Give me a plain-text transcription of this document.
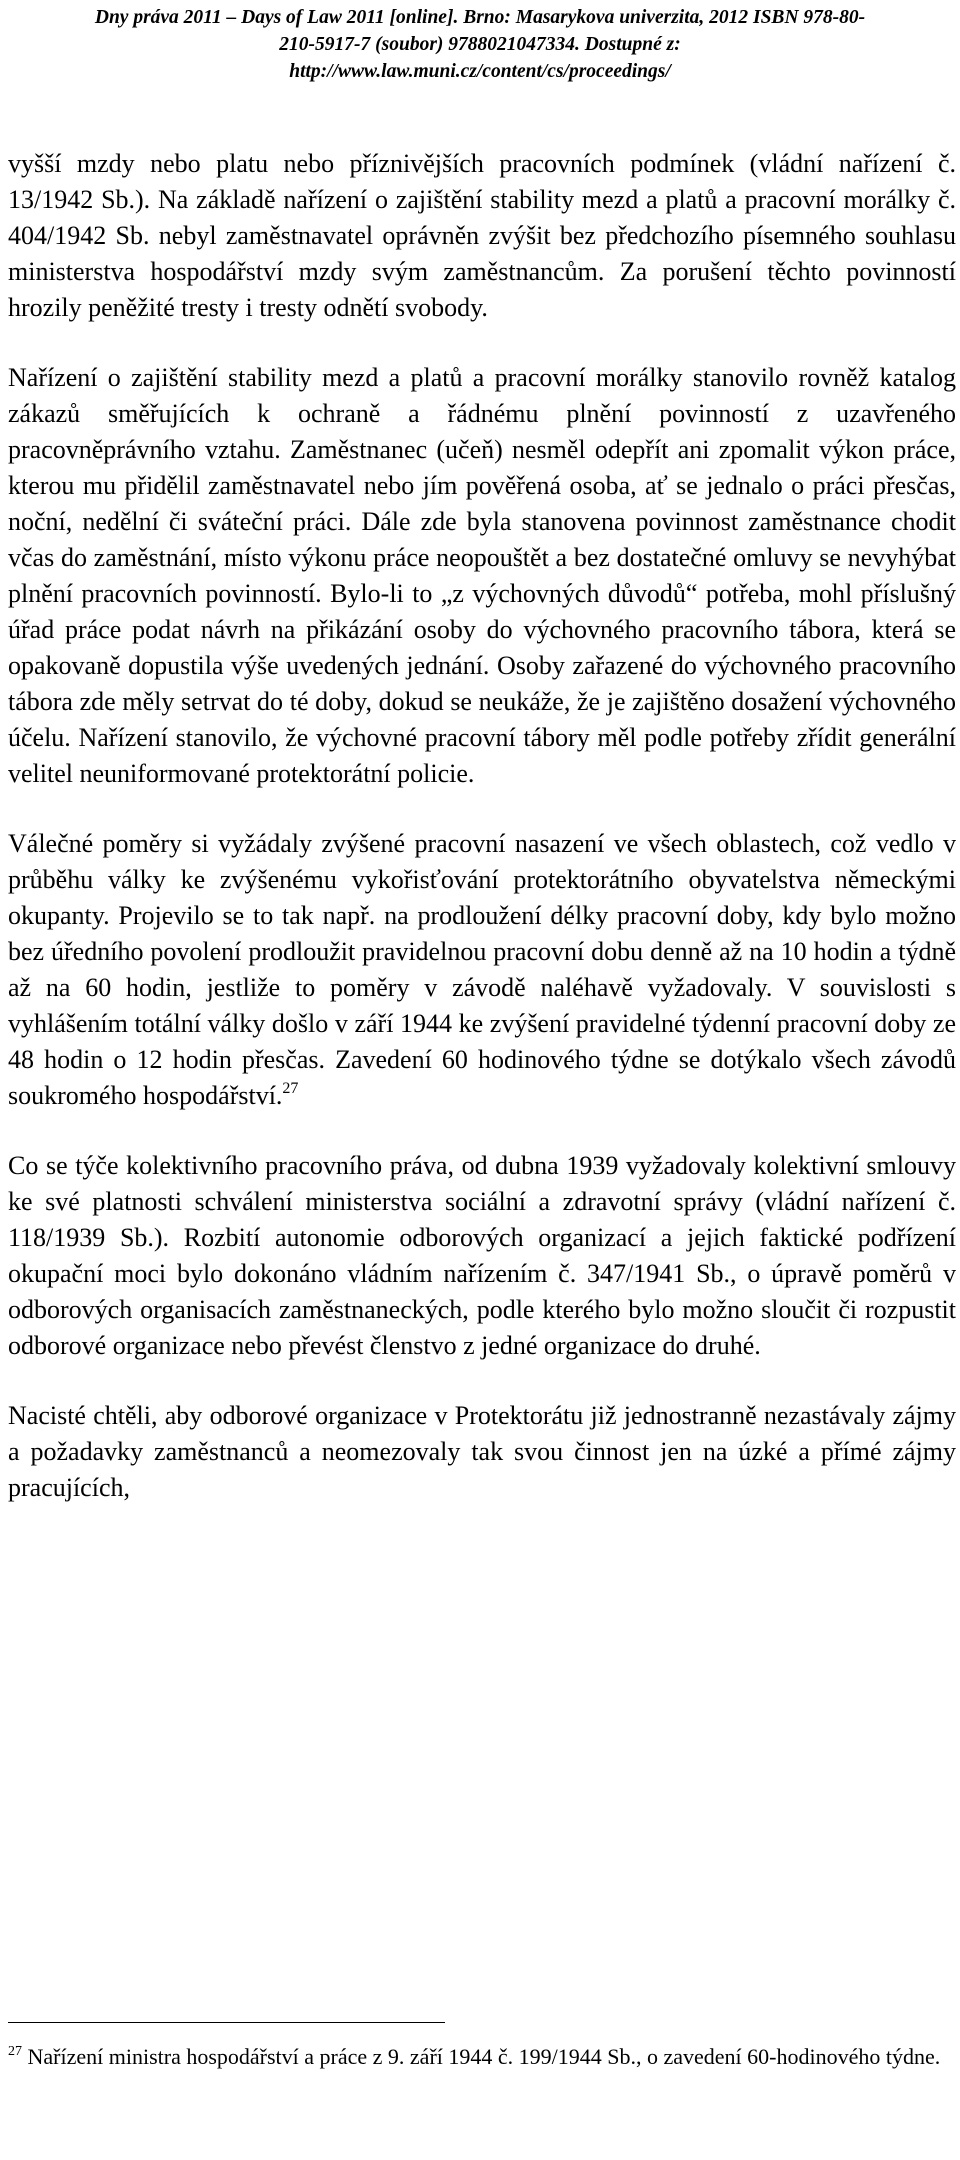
Dny práva 2011 – Days of Law 2011 [online]. Brno: Masarykova univerzita, 2012 ISBN 978-80-
210-5917-7 (soubor) 9788021047334. Dostupné z:
http://www.law.muni.cz/content/cs/proceedings/

vyšší mzdy nebo platu nebo příznivějších pracovních podmínek (vládní nařízení č. 13/1942 Sb.). Na základě nařízení o zajištění stability mezd a platů a pracovní morálky č. 404/1942 Sb. nebyl zaměstnavatel oprávněn zvýšit bez předchozího písemného souhlasu ministerstva hospodářství mzdy svým zaměstnancům. Za porušení těchto povinností hrozily peněžité tresty i tresty odnětí svobody.

Nařízení o zajištění stability mezd a platů a pracovní morálky stanovilo rovněž katalog zákazů směřujících k ochraně a řádnému plnění povinností z uzavřeného pracovněprávního vztahu. Zaměstnanec (učeň) nesměl odepřít ani zpomalit výkon práce, kterou mu přidělil zaměstnavatel nebo jím pověřená osoba, ať se jednalo o práci přesčas, noční, nedělní či sváteční práci. Dále zde byla stanovena povinnost zaměstnance chodit včas do zaměstnání, místo výkonu práce neopouštět a bez dostatečné omluvy se nevyhýbat plnění pracovních povinností. Bylo-li to „z výchovných důvodů“ potřeba, mohl příslušný úřad práce podat návrh na přikázání osoby do výchovného pracovního tábora, která se opakovaně dopustila výše uvedených jednání. Osoby zařazené do výchovného pracovního tábora zde měly setrvat do té doby, dokud se neukáže, že je zajištěno dosažení výchovného účelu. Nařízení stanovilo, že výchovné pracovní tábory měl podle potřeby zřídit generální velitel neuniformované protektorátní policie.

Válečné poměry si vyžádaly zvýšené pracovní nasazení ve všech oblastech, což vedlo v průběhu války ke zvýšenému vykořisťování protektorátního obyvatelstva německými okupanty. Projevilo se to tak např. na prodloužení délky pracovní doby, kdy bylo možno bez úředního povolení prodloužit pravidelnou pracovní dobu denně až na 10 hodin a týdně až na 60 hodin, jestliže to poměry v závodě naléhavě vyžadovaly. V souvislosti s vyhlášením totální války došlo v září 1944 ke zvýšení pravidelné týdenní pracovní doby ze 48 hodin o 12 hodin přesčas. Zavedení 60 hodinového týdne se dotýkalo všech závodů soukromého hospodářství.$^{27}$

Co se týče kolektivního pracovního práva, od dubna 1939 vyžadovaly kolektivní smlouvy ke své platnosti schválení ministerstva sociální a zdravotní správy (vládní nařízení č. 118/1939 Sb.). Rozbití autonomie odborových organizací a jejich faktické podřízení okupační moci bylo dokonáno vládním nařízením č. 347/1941 Sb., o úpravě poměrů v odborových organisacích zaměstnaneckých, podle kterého bylo možno sloučit či rozpustit odborové organizace nebo převést členstvo z jedné organizace do druhé.

Nacisté chtěli, aby odborové organizace v Protektorátu již jednostranně nezastávaly zájmy a požadavky zaměstnanců a neomezovaly tak svou činnost jen na úzké a přímé zájmy pracujících,

$^{27}$ Nařízení ministra hospodářství a práce z 9. září 1944 č. 199/1944 Sb., o zavedení 60-hodinového týdne.
